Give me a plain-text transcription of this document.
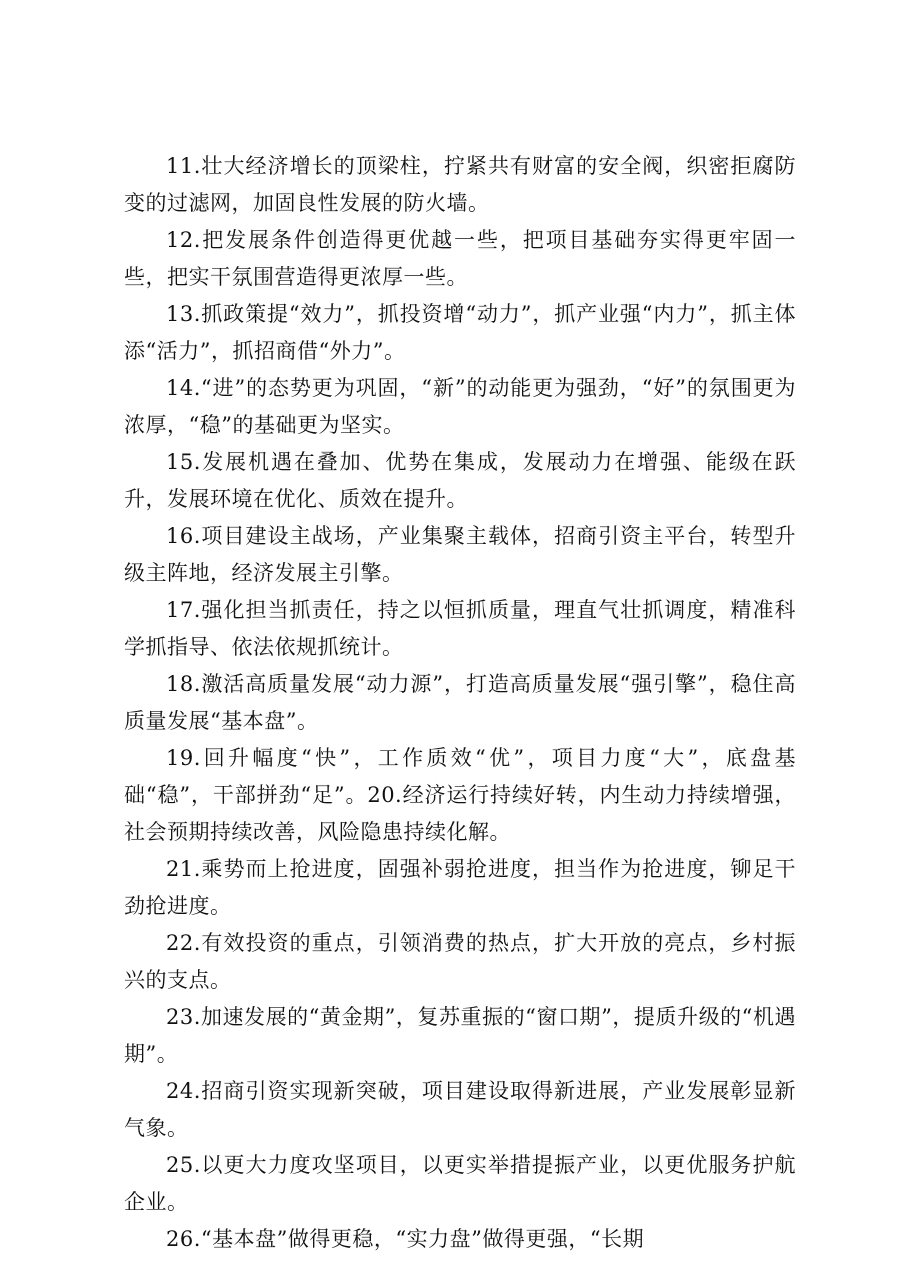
11.壮大经济增长的顶梁柱，拧紧共有财富的安全阀，织密拒腐防变的过滤网，加固良性发展的防火墙。

12.把发展条件创造得更优越一些，把项目基础夯实得更牢固一些，把实干氛围营造得更浓厚一些。

13.抓政策提“效力”，抓投资增“动力”，抓产业强“内力”，抓主体添“活力”，抓招商借“外力”。

14.“进”的态势更为巩固，“新”的动能更为强劲，“好”的氛围更为浓厚，“稳”的基础更为坚实。

15.发展机遇在叠加、优势在集成，发展动力在增强、能级在跃升，发展环境在优化、质效在提升。

16.项目建设主战场，产业集聚主载体，招商引资主平台，转型升级主阵地，经济发展主引擎。

17.强化担当抓责任，持之以恒抓质量，理直气壮抓调度，精准科学抓指导、依法依规抓统计。

18.激活高质量发展“动力源”，打造高质量发展“强引擎”，稳住高质量发展“基本盘”。

19.回升幅度“快”，工作质效“优”，项目力度“大”，底盘基础“稳”，干部拼劲“足”。20.经济运行持续好转，内生动力持续增强，社会预期持续改善，风险隐患持续化解。

21.乘势而上抢进度，固强补弱抢进度，担当作为抢进度，铆足干劲抢进度。

22.有效投资的重点，引领消费的热点，扩大开放的亮点，乡村振兴的支点。

23.加速发展的“黄金期”，复苏重振的“窗口期”，提质升级的“机遇期”。

24.招商引资实现新突破，项目建设取得新进展，产业发展彰显新气象。

25.以更大力度攻坚项目，以更实举措提振产业，以更优服务护航企业。

26.“基本盘”做得更稳，“实力盘”做得更强，“长期
